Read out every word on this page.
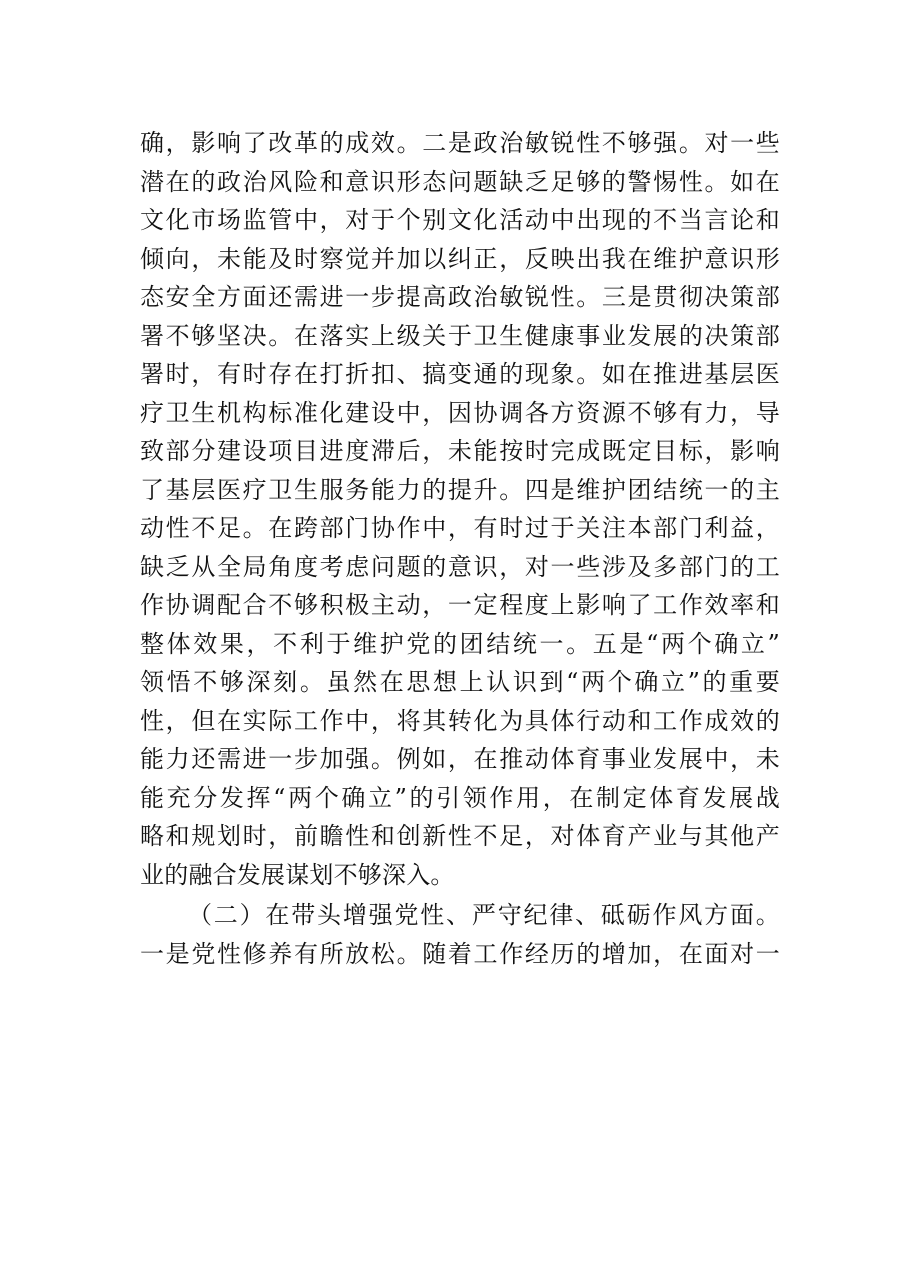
确，影响了改革的成效。二是政治敏锐性不够强。对一些
潜在的政治风险和意识形态问题缺乏足够的警惕性。如在
文化市场监管中，对于个别文化活动中出现的不当言论和
倾向，未能及时察觉并加以纠正，反映出我在维护意识形
态安全方面还需进一步提高政治敏锐性。三是贯彻决策部
署不够坚决。在落实上级关于卫生健康事业发展的决策部
署时，有时存在打折扣、搞变通的现象。如在推进基层医
疗卫生机构标准化建设中，因协调各方资源不够有力，导
致部分建设项目进度滞后，未能按时完成既定目标，影响
了基层医疗卫生服务能力的提升。四是维护团结统一的主
动性不足。在跨部门协作中，有时过于关注本部门利益，
缺乏从全局角度考虑问题的意识，对一些涉及多部门的工
作协调配合不够积极主动，一定程度上影响了工作效率和
整体效果，不利于维护党的团结统一。五是“两个确立”
领悟不够深刻。虽然在思想上认识到“两个确立”的重要
性，但在实际工作中，将其转化为具体行动和工作成效的
能力还需进一步加强。例如，在推动体育事业发展中，未
能充分发挥“两个确立”的引领作用，在制定体育发展战
略和规划时，前瞻性和创新性不足，对体育产业与其他产
业的融合发展谋划不够深入。
（二）在带头增强党性、严守纪律、砥砺作风方面。
一是党性修养有所放松。随着工作经历的增加，在面对一
